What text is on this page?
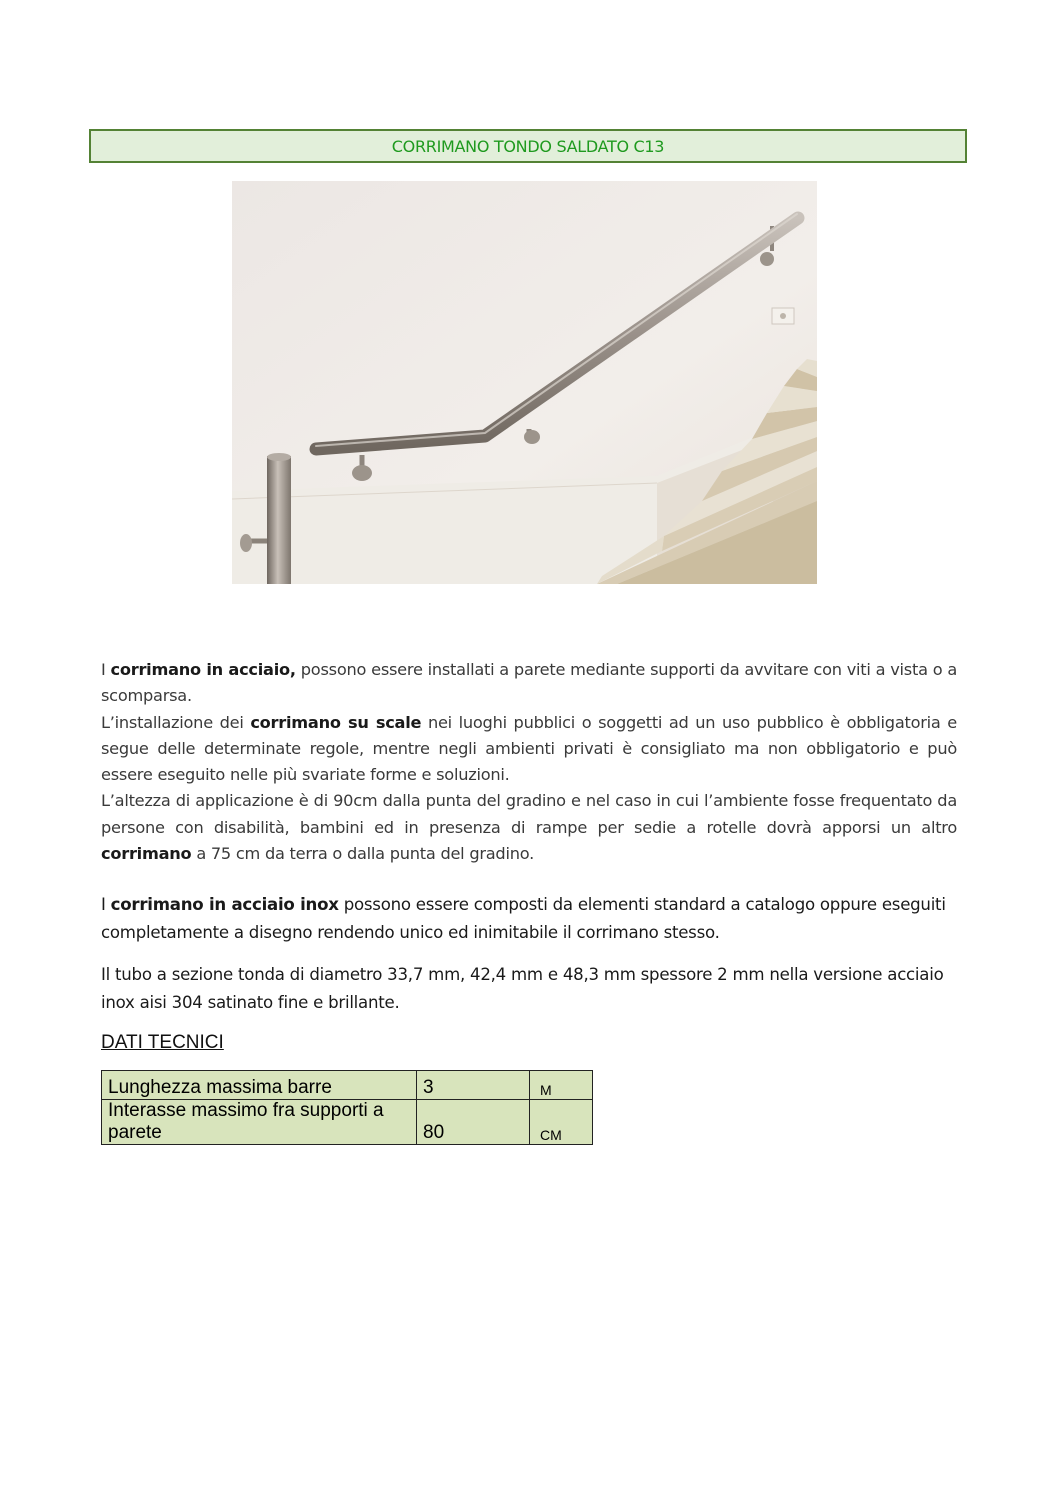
CORRIMANO TONDO SALDATO C13

I corrimano in acciaio, possono essere installati a parete mediante supporti da avvitare con viti a vista o a scomparsa.
L’installazione dei corrimano su scale nei luoghi pubblici o soggetti ad un uso pubblico è obbligatoria e segue delle determinate regole, mentre negli ambienti privati è consigliato ma non obbligatorio e può essere eseguito nelle più svariate forme e soluzioni.
L’altezza di applicazione è di 90cm dalla punta del gradino e nel caso in cui l’ambiente fosse frequentato da persone con disabilità, bambini ed in presenza di rampe per sedie a rotelle dovrà apporsi un altro corrimano a 75 cm da terra o dalla punta del gradino.

I corrimano in acciaio inox possono essere composti da elementi standard a catalogo oppure eseguiti completamente a disegno rendendo unico ed inimitabile il corrimano stesso.

Il tubo a sezione tonda di diametro 33,7 mm, 42,4 mm e 48,3 mm spessore 2 mm nella versione acciaio inox aisi 304 satinato fine e brillante.

DATI TECNICI
Lunghezza massima barre	3	M
Interasse massimo fra supporti a parete	80	CM
